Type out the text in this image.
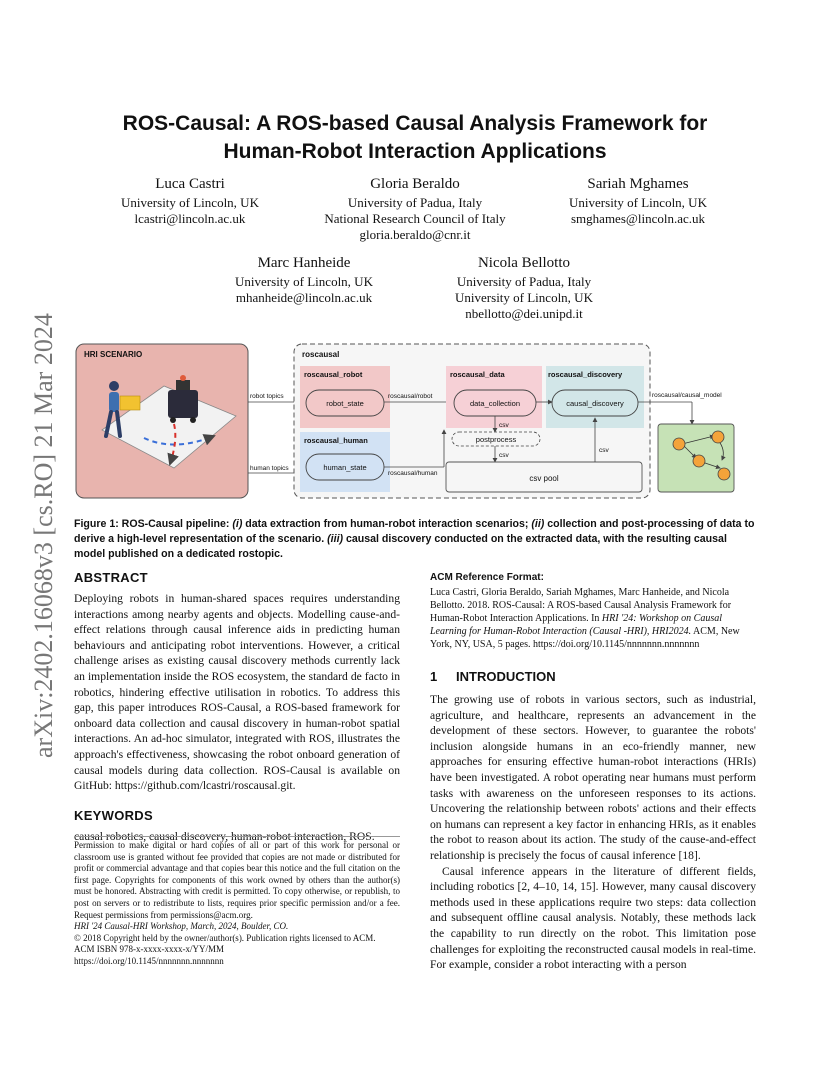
arXiv:2402.16068v3 [cs.RO] 21 Mar 2024
ROS-Causal: A ROS-based Causal Analysis Framework for
Human-Robot Interaction Applications
Luca Castri
University of Lincoln, UK
lcastri@lincoln.ac.uk
Gloria Beraldo
University of Padua, Italy
National Research Council of Italy
gloria.beraldo@cnr.it
Sariah Mghames
University of Lincoln, UK
smghames@lincoln.ac.uk
Marc Hanheide
University of Lincoln, UK
mhanheide@lincoln.ac.uk
Nicola Bellotto
University of Padua, Italy
University of Lincoln, UK
nbellotto@dei.unipd.it
HRI SCENARIO
robot topics
human topics
roscausal
roscausal_robot
robot_state
roscausal_human
human_state
roscausal/robot
roscausal/human
roscausal_data
data_collection
csv
postprocess
csv
csv pool
roscausal_discovery
causal_discovery
csv
roscausal/causal_model
Figure 1: ROS-Causal pipeline: (i) data extraction from human-robot interaction scenarios; (ii) collection and post-processing of data to derive a high-level representation of the scenario. (iii) causal discovery conducted on the extracted data, with the resulting causal model published on a dedicated rostopic.
ABSTRACT
Deploying robots in human-shared spaces requires understanding interactions among nearby agents and objects. Modelling cause-and-effect relations through causal inference aids in predicting human behaviours and anticipating robot interventions. However, a critical challenge arises as existing causal discovery methods currently lack an implementation inside the ROS ecosystem, the standard de facto in robotics, hindering effective utilisation in robotics. To address this gap, this paper introduces ROS-Causal, a ROS-based framework for onboard data collection and causal discovery in human-robot spatial interactions. An ad-hoc simulator, integrated with ROS, illustrates the approach's effectiveness, showcasing the robot onboard generation of causal models during data collection. ROS-Causal is available on GitHub: https://github.com/lcastri/roscausal.git.
KEYWORDS
causal robotics, causal discovery, human-robot interaction, ROS.
Permission to make digital or hard copies of all or part of this work for personal or classroom use is granted without fee provided that copies are not made or distributed for profit or commercial advantage and that copies bear this notice and the full citation on the first page. Copyrights for components of this work owned by others than the author(s) must be honored. Abstracting with credit is permitted. To copy otherwise, or republish, to post on servers or to redistribute to lists, requires prior specific permission and/or a fee. Request permissions from permissions@acm.org.
HRI '24 Causal-HRI Workshop, March, 2024, Boulder, CO.
© 2018 Copyright held by the owner/author(s). Publication rights licensed to ACM.
ACM ISBN 978-x-xxxx-xxxx-x/YY/MM
https://doi.org/10.1145/nnnnnnn.nnnnnnn
ACM Reference Format:
Luca Castri, Gloria Beraldo, Sariah Mghames, Marc Hanheide, and Nicola Bellotto. 2018. ROS-Causal: A ROS-based Causal Analysis Framework for Human-Robot Interaction Applications. In HRI '24: Workshop on Causal Learning for Human-Robot Interaction (Causal -HRI), HRI2024. ACM, New York, NY, USA, 5 pages. https://doi.org/10.1145/nnnnnnn.nnnnnnn
1 INTRODUCTION
The growing use of robots in various sectors, such as industrial, agriculture, and healthcare, represents an advancement in the development of these sectors. However, to guarantee the robots' inclusion alongside humans in an eco-friendly manner, new approaches for ensuring effective human-robot interactions (HRIs) have been investigated. A robot operating near humans must perform tasks with awareness on the unforeseen responses to its actions. Uncovering the relationship between robots' actions and their effects on humans can represent a key factor in enhancing HRIs, as it enables the robot to reason about its action. The study of the cause-and-effect relationship is precisely the focus of causal inference [18].
Causal inference appears in the literature of different fields, including robotics [2, 4–10, 14, 15]. However, many causal discovery methods used in these applications require two steps: data collection and subsequent offline causal analysis. Notably, these methods lack the capability to run directly on the robot. This limitation pose challenges for exploiting the reconstructed causal models in real-time. For example, consider a robot interacting with a person
